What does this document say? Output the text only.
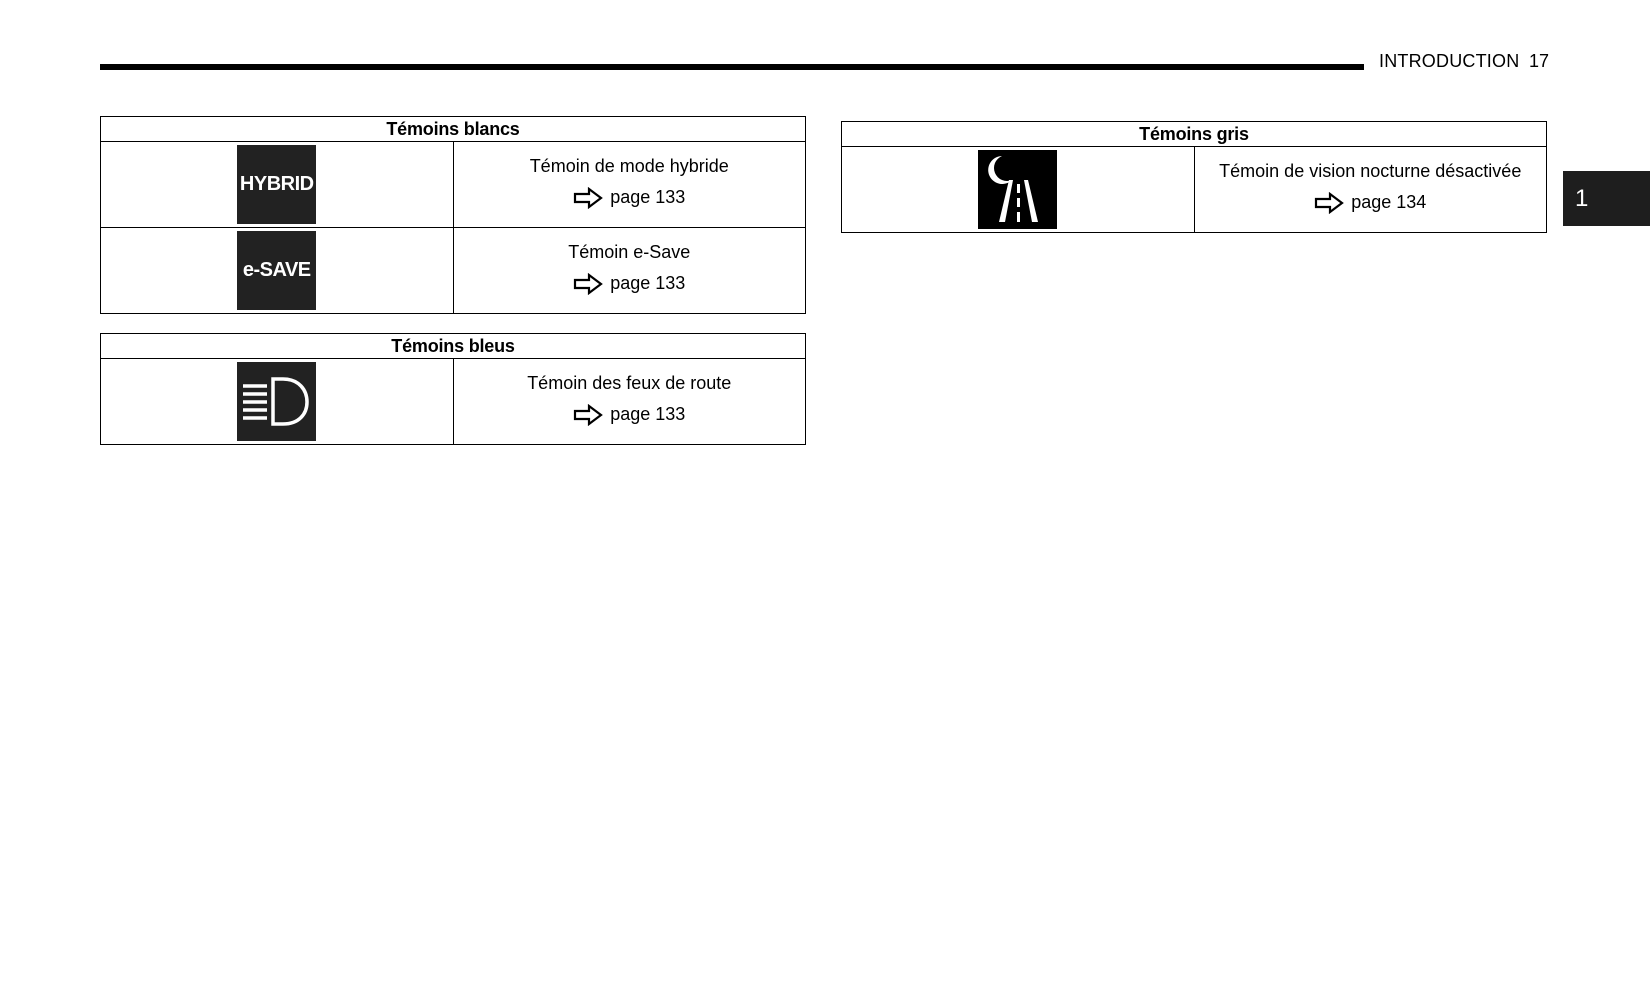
INTRODUCTION 17
1
Témoins blancs	

HYBRID	Témoin de mode hybride
page 133

e-SAVE	Témoin e-Save
page 133
Témoins bleus

Témoin des feux de route
page 133
Témoins gris

Témoin de vision nocturne désactivée
page 134
